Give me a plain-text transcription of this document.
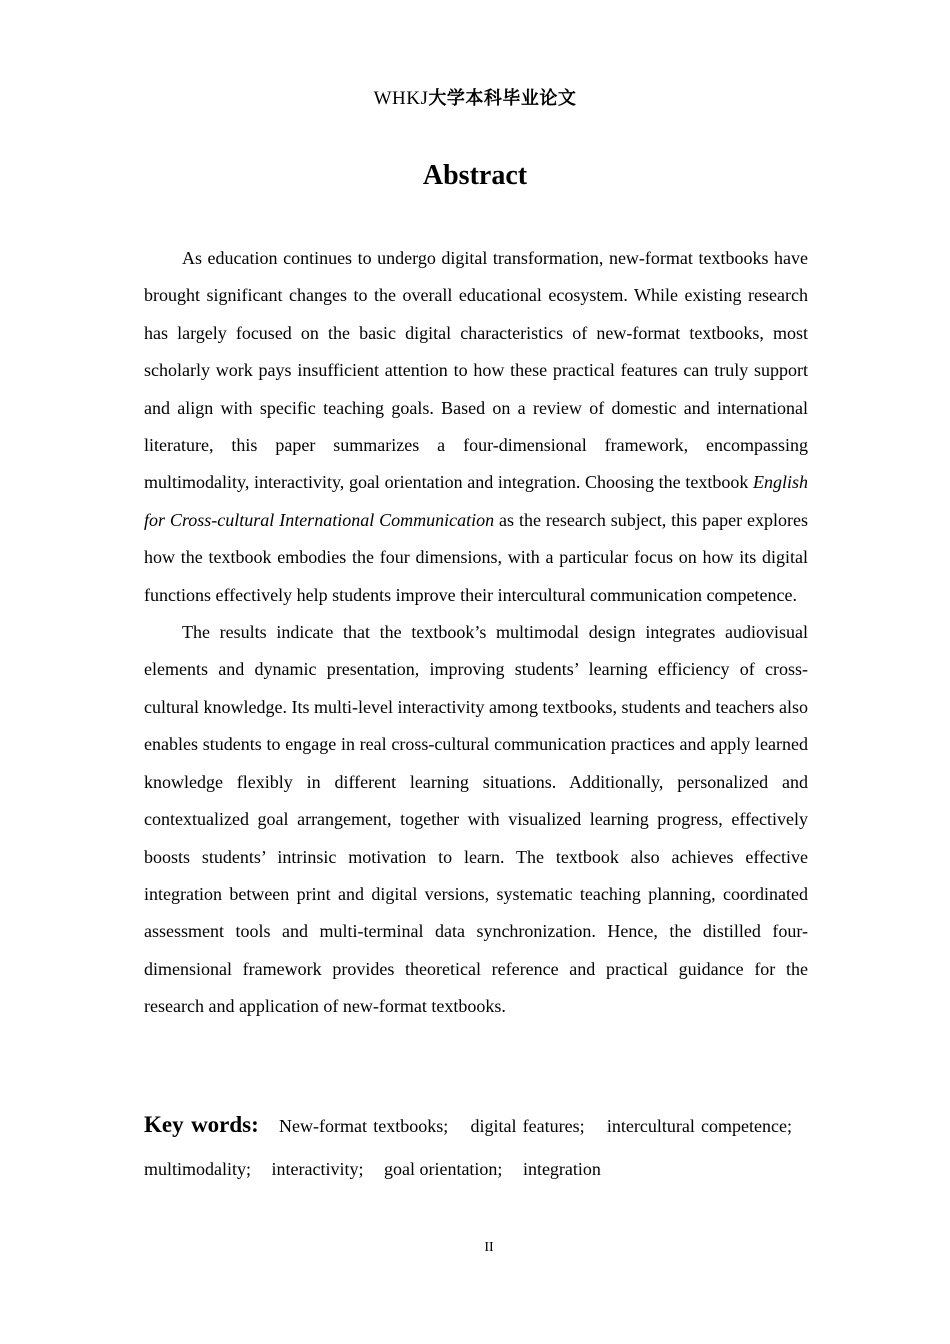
WHKJ大学本科毕业论文
Abstract

As education continues to undergo digital transformation, new-format textbooks have brought significant changes to the overall educational ecosystem. While existing research has largely focused on the basic digital characteristics of new-format textbooks, most scholarly work pays insufficient attention to how these practical features can truly support and align with specific teaching goals. Based on a review of domestic and international literature, this paper summarizes a four-dimensional framework, encompassing multimodality, interactivity, goal orientation and integration. Choosing the textbook English for Cross-cultural International Communication as the research subject, this paper explores how the textbook embodies the four dimensions, with a particular focus on how its digital functions effectively help students improve their intercultural communication competence.

The results indicate that the textbook’s multimodal design integrates audiovisual elements and dynamic presentation, improving students’ learning efficiency of cross-cultural knowledge. Its multi-level interactivity among textbooks, students and teachers also enables students to engage in real cross-cultural communication practices and apply learned knowledge flexibly in different learning situations. Additionally, personalized and contextualized goal arrangement, together with visualized learning progress, effectively boosts students’ intrinsic motivation to learn. The textbook also achieves effective integration between print and digital versions, systematic teaching planning, coordinated assessment tools and multi-terminal data synchronization. Hence, the distilled four-dimensional framework provides theoretical reference and practical guidance for the research and application of new-format textbooks.

Key words: New-format textbooks; digital features; intercultural competence; multimodality; interactivity; goal orientation; integration
II
